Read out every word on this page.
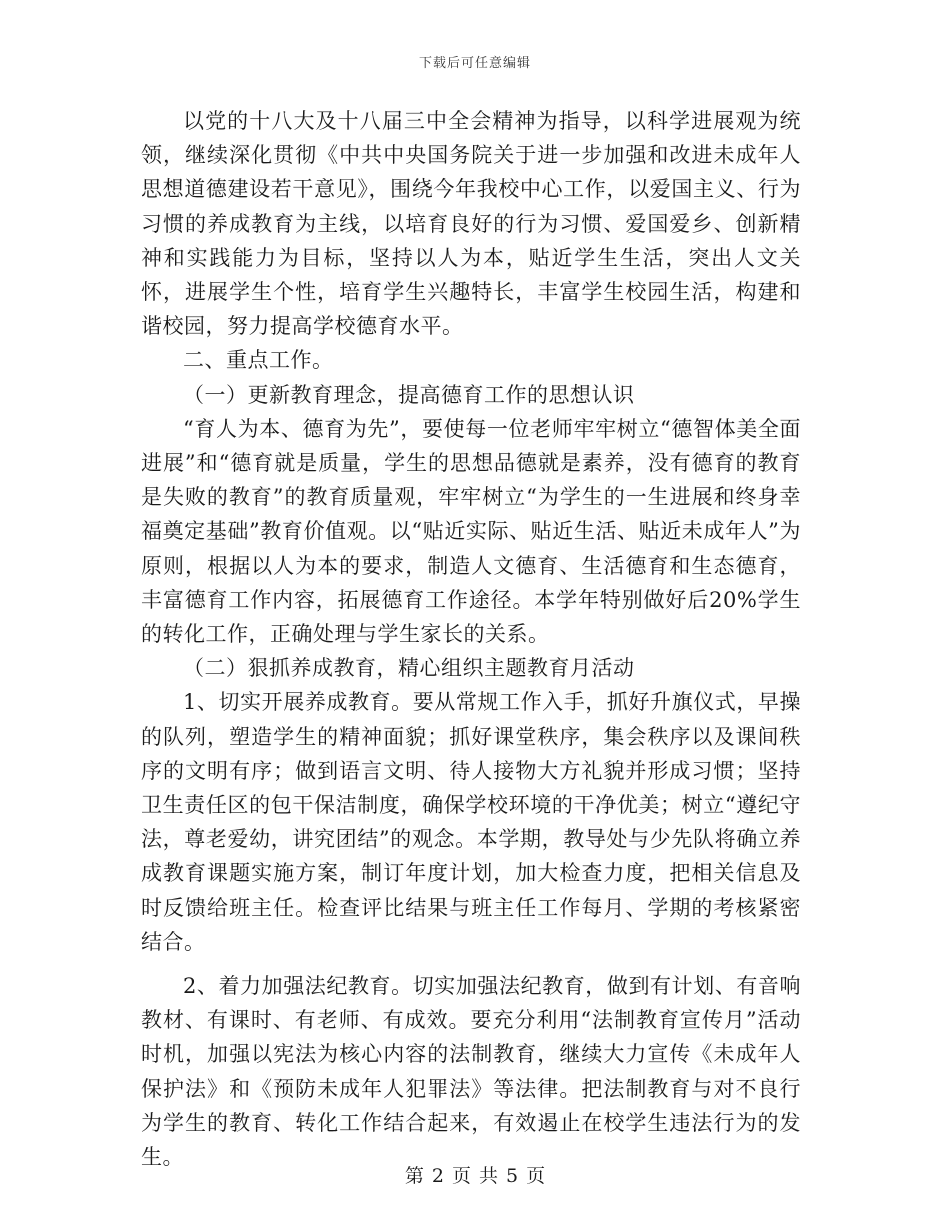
下载后可任意编辑

以党的十八大及十八届三中全会精神为指导，以科学进展观为统领，继续深化贯彻《中共中央国务院关于进一步加强和改进未成年人思想道德建设若干意见》，围绕今年我校中心工作，以爱国主义、行为习惯的养成教育为主线，以培育良好的行为习惯、爱国爱乡、创新精神和实践能力为目标，坚持以人为本，贴近学生生活，突出人文关怀，进展学生个性，培育学生兴趣特长，丰富学生校园生活，构建和谐校园，努力提高学校德育水平。

二、重点工作。

（一）更新教育理念，提高德育工作的思想认识

“育人为本、德育为先”，要使每一位老师牢牢树立“德智体美全面进展”和“德育就是质量，学生的思想品德就是素养，没有德育的教育是失败的教育”的教育质量观，牢牢树立“为学生的一生进展和终身幸福奠定基础”教育价值观。以“贴近实际、贴近生活、贴近未成年人”为原则，根据以人为本的要求，制造人文德育、生活德育和生态德育，丰富德育工作内容，拓展德育工作途径。本学年特别做好后20%学生的转化工作，正确处理与学生家长的关系。

（二）狠抓养成教育，精心组织主题教育月活动

1、切实开展养成教育。要从常规工作入手，抓好升旗仪式，早操的队列，塑造学生的精神面貌；抓好课堂秩序，集会秩序以及课间秩序的文明有序；做到语言文明、待人接物大方礼貌并形成习惯；坚持卫生责任区的包干保洁制度，确保学校环境的干净优美；树立“遵纪守法，尊老爱幼，讲究团结”的观念。本学期，教导处与少先队将确立养成教育课题实施方案，制订年度计划，加大检查力度，把相关信息及时反馈给班主任。检查评比结果与班主任工作每月、学期的考核紧密结合。

2、着力加强法纪教育。切实加强法纪教育，做到有计划、有音响教材、有课时、有老师、有成效。要充分利用“法制教育宣传月”活动时机，加强以宪法为核心内容的法制教育，继续大力宣传《未成年人保护法》和《预防未成年人犯罪法》等法律。把法制教育与对不良行为学生的教育、转化工作结合起来，有效遏止在校学生违法行为的发生。

第 2 页 共 5 页
